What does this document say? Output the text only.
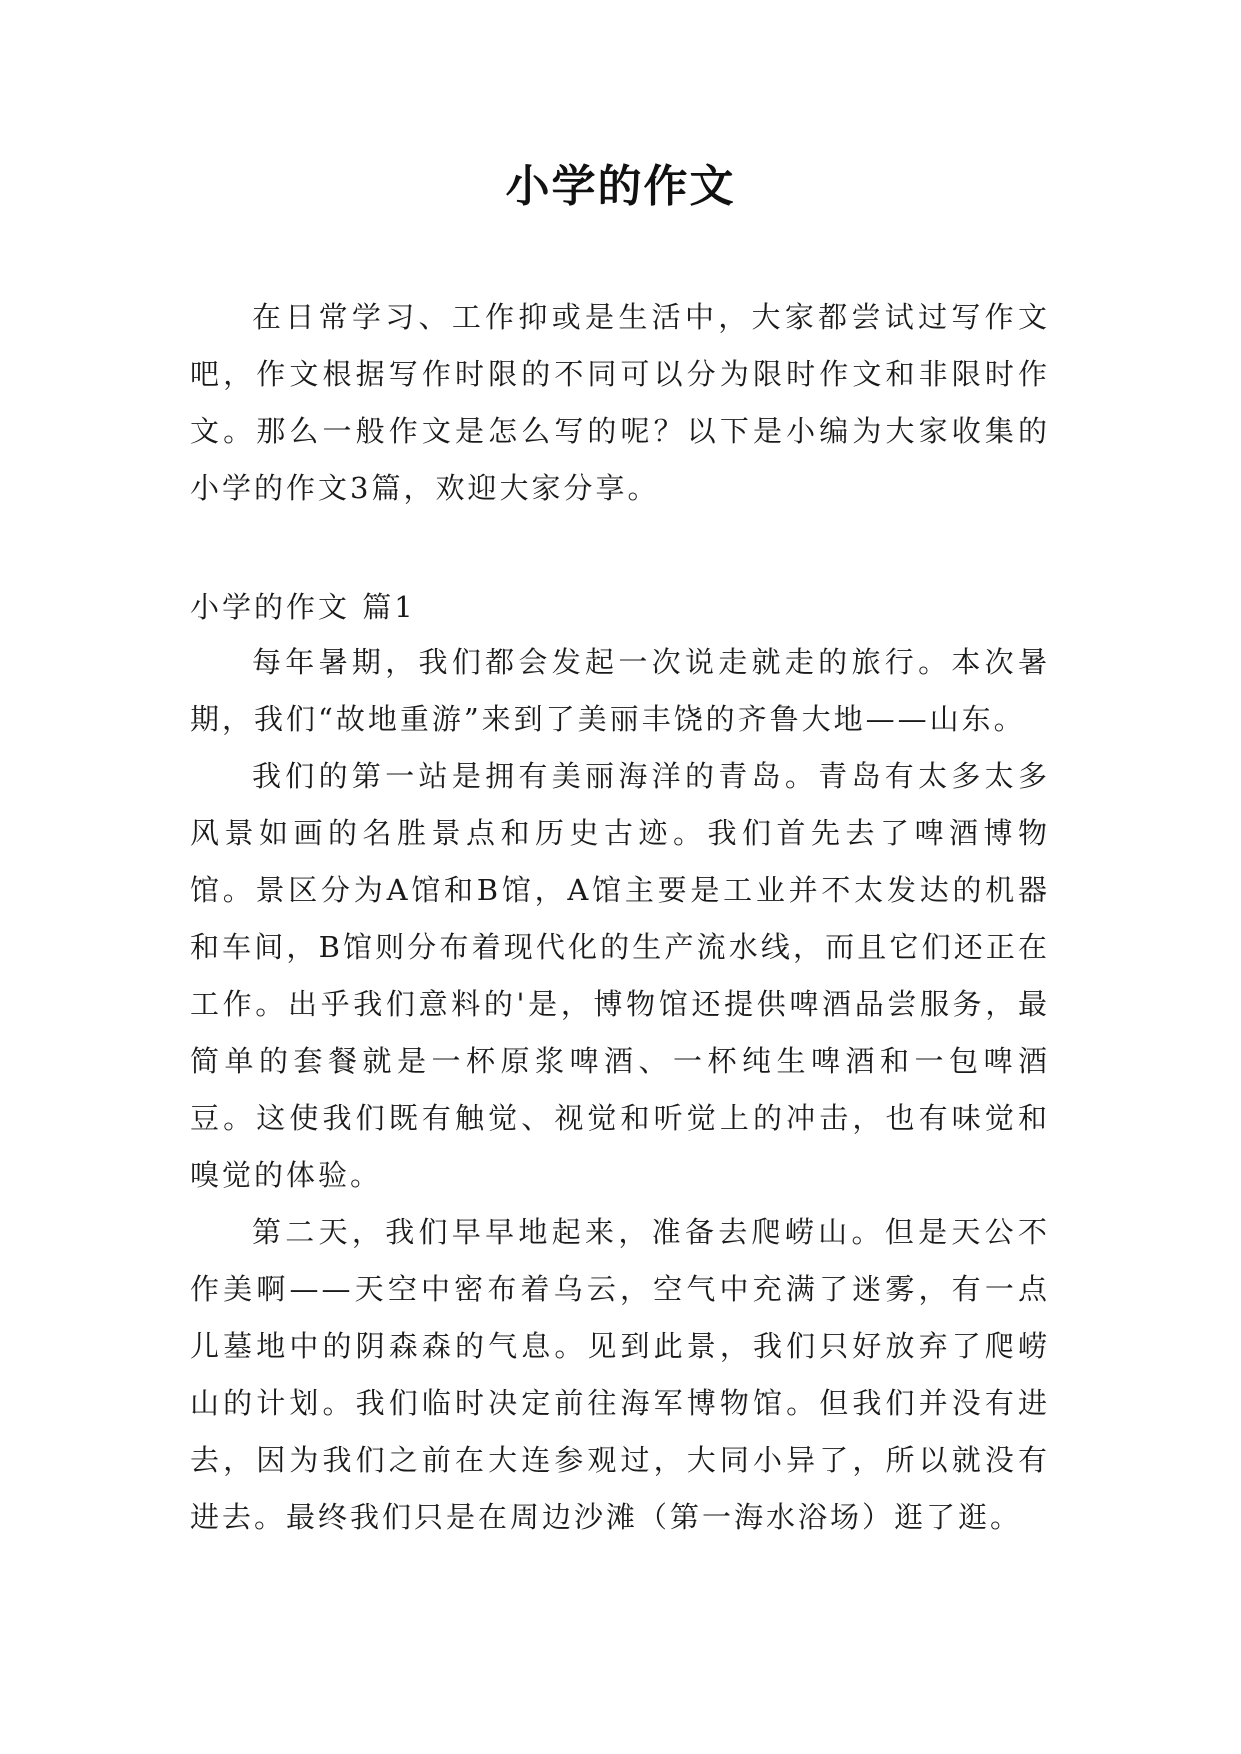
小学的作文

在日常学习、工作抑或是生活中，大家都尝试过写作文吧，作文根据写作时限的不同可以分为限时作文和非限时作文。那么一般作文是怎么写的呢？以下是小编为大家收集的小学的作文3篇，欢迎大家分享。

小学的作文 篇1

每年暑期，我们都会发起一次说走就走的旅行。本次暑期，我们“故地重游”来到了美丽丰饶的齐鲁大地——山东。

我们的第一站是拥有美丽海洋的青岛。青岛有太多太多风景如画的名胜景点和历史古迹。我们首先去了啤酒博物馆。景区分为A馆和B馆，A馆主要是工业并不太发达的机器和车间，B馆则分布着现代化的生产流水线，而且它们还正在工作。出乎我们意料的'是，博物馆还提供啤酒品尝服务，最简单的套餐就是一杯原浆啤酒、一杯纯生啤酒和一包啤酒豆。这使我们既有触觉、视觉和听觉上的冲击，也有味觉和嗅觉的体验。

第二天，我们早早地起来，准备去爬崂山。但是天公不作美啊——天空中密布着乌云，空气中充满了迷雾，有一点儿墓地中的阴森森的气息。见到此景，我们只好放弃了爬崂山的计划。我们临时决定前往海军博物馆。但我们并没有进去，因为我们之前在大连参观过，大同小异了，所以就没有进去。最终我们只是在周边沙滩（第一海水浴场）逛了逛。
